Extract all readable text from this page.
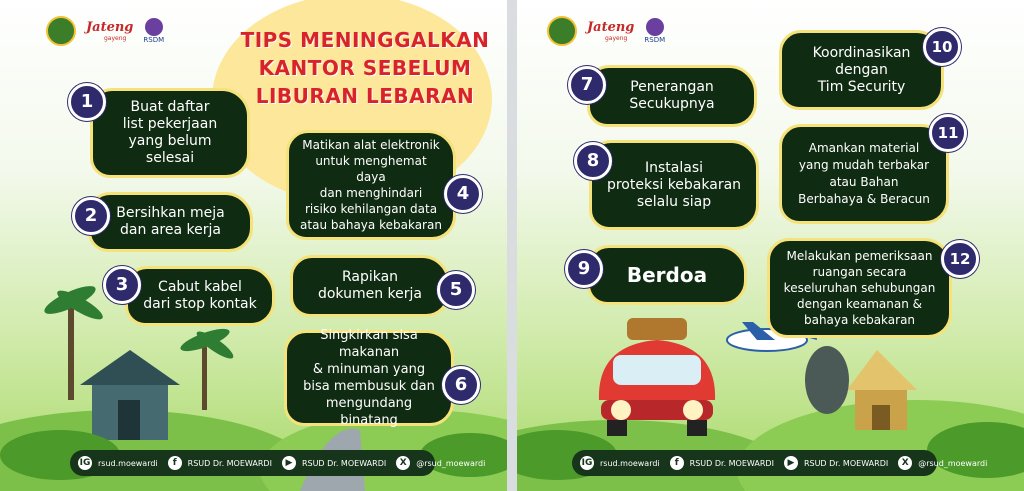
Jateng
gayeng	RSDM	TIPS MENINGGALKAN
KANTOR SEBELUM
LIBURAN LEBARAN
Buat daftar
list pekerjaan
yang belum selesai
1
Bersihkan meja
dan area kerja
2
Cabut kabel
dari stop kontak
3
Matikan alat elektronik
untuk menghemat daya
dan menghindari
risiko kehilangan data
atau bahaya kebakaran
4
Rapikan
dokumen kerja	5
Singkirkan sisa makanan
& minuman yang
bisa membusuk dan
mengundang binatang
6
IG rsud.moewardi	f	RSUD Dr. MOEWARDI	▶	RSUD Dr. MOEWARDI	X	@rsud_moewardi
Jateng
gayeng	RSDM
Penerangan
Secukupnya
7
Instalasi
proteksi kebakaran
selalu siap
8
Berdoa
9
Koordinasikan
dengan
Tim Security
10
Amankan material
yang mudah terbakar
atau Bahan
Berbahaya & Beracun
11
Melakukan pemeriksaan
ruangan secara
keseluruhan sehubungan
dengan keamanan &
bahaya kebakaran
12
IG rsud.moewardi	f	RSUD Dr. MOEWARDI	▶	RSUD Dr. MOEWARDI	X	@rsud_moewardi
